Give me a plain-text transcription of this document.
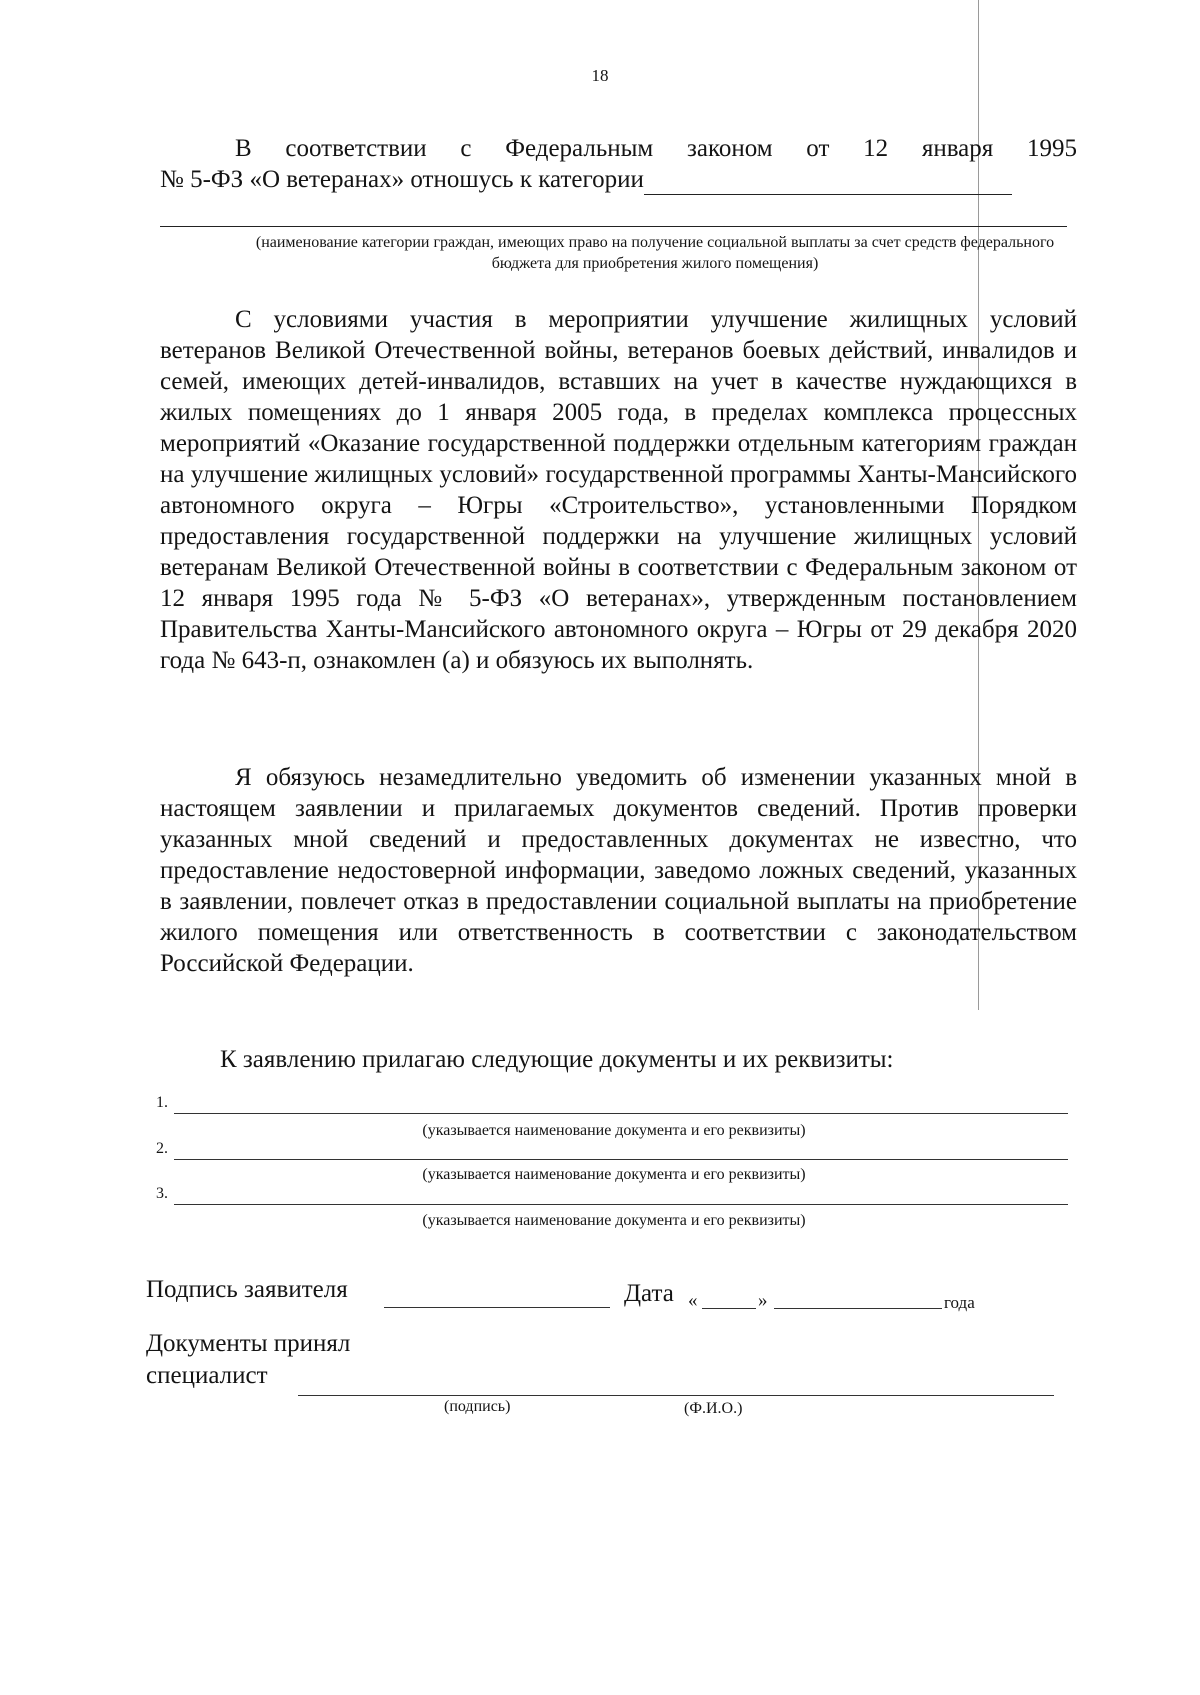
18
В соответствии с Федеральным законом от 12 января 1995
№ 5-ФЗ «О ветеранах» отношусь к категории
(наименование категории граждан, имеющих право на получение социальной выплаты за счет средств федерального бюджета для приобретения жилого помещения)
С условиями участия в мероприятии улучшение жилищных условий ветеранов Великой Отечественной войны, ветеранов боевых действий, инвалидов и семей, имеющих детей-инвалидов, вставших на учет в качестве нуждающихся в жилых помещениях до 1 января 2005 года, в пределах комплекса процессных мероприятий «Оказание государственной поддержки отдельным категориям граждан на улучшение жилищных условий» государственной программы Ханты-Мансийского автономного округа – Югры «Строительство», установленными Порядком предоставления государственной поддержки на улучшение жилищных условий ветеранам Великой Отечественной войны в соответствии с Федеральным законом от 12 января 1995 года № 5-ФЗ «О ветеранах», утвержденным постановлением Правительства Ханты-Мансийского автономного округа – Югры от 29 декабря 2020 года № 643-п, ознакомлен (а) и обязуюсь их выполнять.
Я обязуюсь незамедлительно уведомить об изменении указанных мной в настоящем заявлении и прилагаемых документов сведений. Против проверки указанных мной сведений и предоставленных документах не известно, что предоставление недостоверной информации, заведомо ложных сведений, указанных в заявлении, повлечет отказ в предоставлении социальной выплаты на приобретение жилого помещения или ответственность в соответствии с законодательством Российской Федерации.
К заявлению прилагаю следующие документы и их реквизиты:
1.
(указывается наименование документа и его реквизиты)
2.
(указывается наименование документа и его реквизиты)
3.
(указывается наименование документа и его реквизиты)
Подпись заявителя	Дата «	»	года
Документы принял
специалист
(подпись)	(Ф.И.О.)
